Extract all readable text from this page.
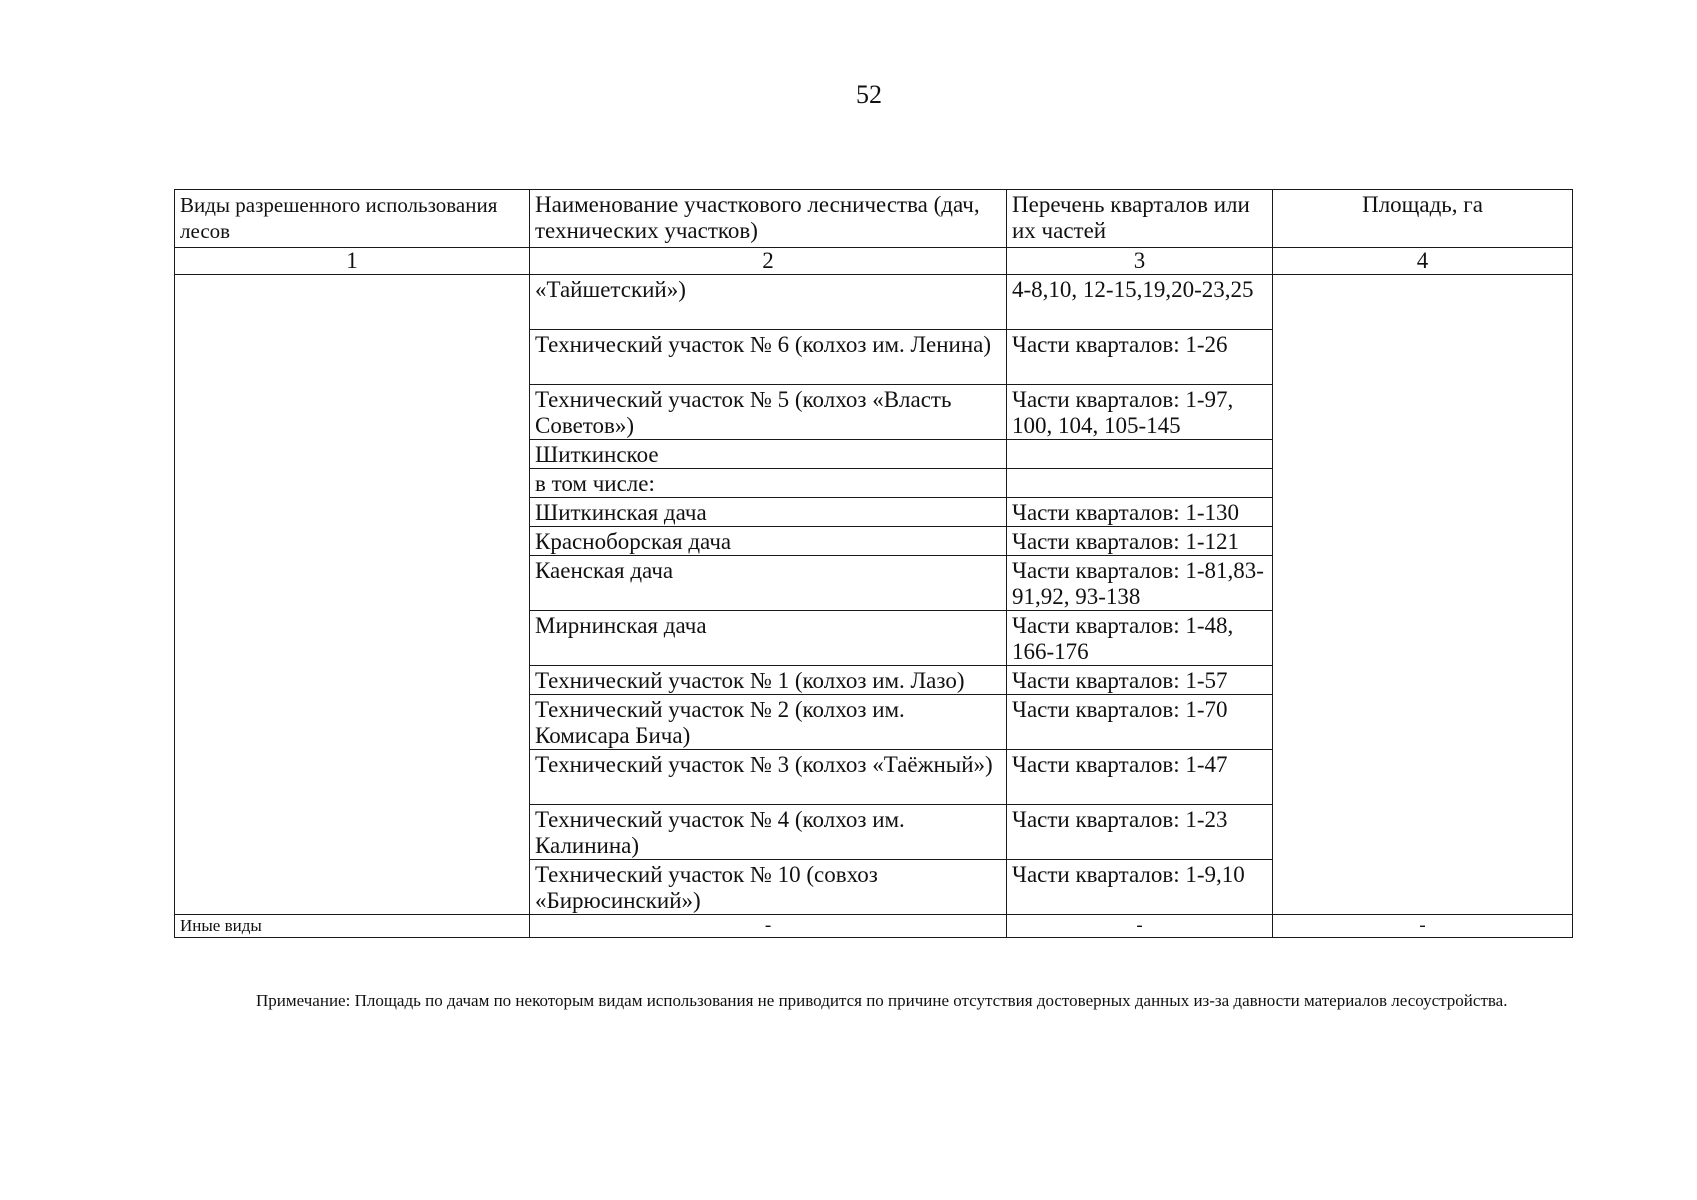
52
Виды разрешенного использования лесов	Наименование участкового лесничества (дач, технических участков)	Перечень кварталов или их частей	Площадь, га
1	2	3	4
	«Тайшетский»)	4-8,10, 12-15,19,20-23,25	
	Технический участок № 6 (колхоз им. Ленина)	Части кварталов: 1-26	
	Технический участок № 5 (колхоз «Власть Советов»)	Части кварталов: 1-97, 100, 104, 105-145	
	Шиткинское		
	в том числе:		
	Шиткинская дача	Части кварталов: 1-130	
	Красноборская дача	Части кварталов: 1-121	
	Каенская дача	Части кварталов: 1-81,83-91,92, 93-138	
	Мирнинская дача	Части кварталов: 1-48, 166-176	
	Технический участок № 1 (колхоз им. Лазо)	Части кварталов: 1-57	
	Технический участок № 2 (колхоз им. Комисара Бича)	Части кварталов: 1-70	
	Технический участок № 3 (колхоз «Таёжный»)	Части кварталов: 1-47	
	Технический участок № 4 (колхоз им. Калинина)	Части кварталов: 1-23	
	Технический участок № 10 (совхоз «Бирюсинский»)	Части кварталов: 1-9,10	
Иные виды	-	-	-
Примечание: Площадь по дачам по некоторым видам использования не приводится по причине отсутствия достоверных данных из-за давности материалов лесоустройства.
